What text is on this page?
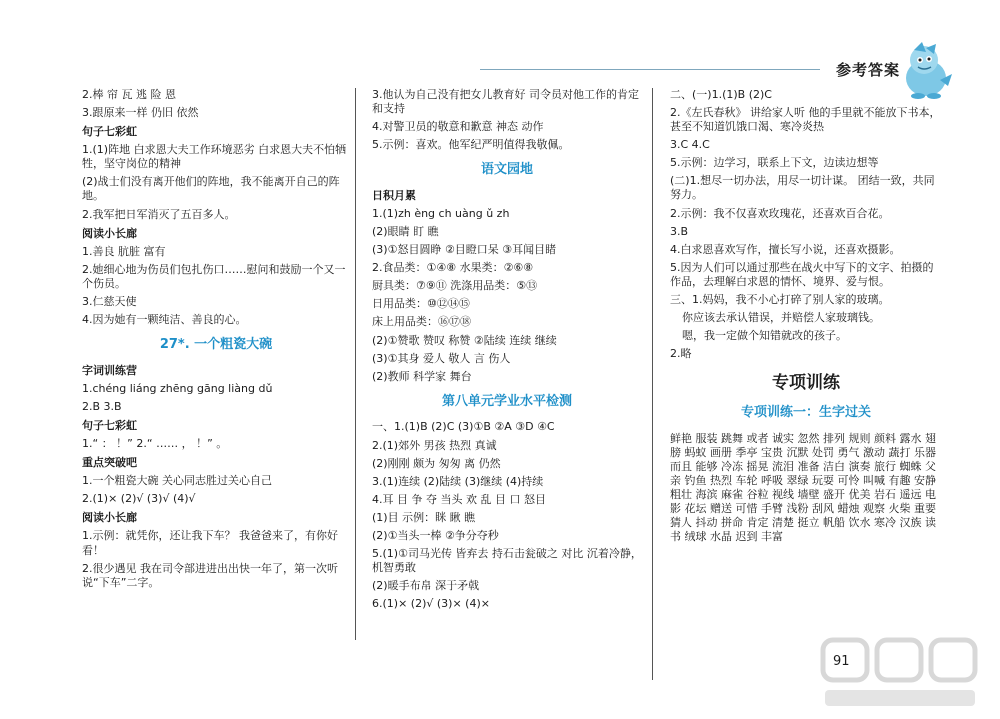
参考答案
2.棒 帘 瓦 逃 险 恩
3.跟原来一样 仍旧 依然
句子七彩虹
1.(1)阵地 白求恩大夫工作环境恶劣 白求恩大夫不怕牺牲，坚守岗位的精神
(2)战士们没有离开他们的阵地，我不能离开自己的阵地。
2.我军把日军消灭了五百多人。
阅读小长廊
1.善良 肮脏 富有
2.她细心地为伤员们包扎伤口……慰问和鼓励一个又一个伤员。
3.仁慈天使
4.因为她有一颗纯洁、善良的心。
27*. 一个粗瓷大碗
字词训练营
1.chéng liáng zhēng gāng liàng dǔ
2.B 3.B
句子七彩虹
1.“ ： ！” 2.“ …… ， ！” 。
重点突破吧
1.一个粗瓷大碗 关心同志胜过关心自己
2.(1)× (2)√ (3)√ (4)√
阅读小长廊
1.示例：就凭你，还让我下车？ 我爸爸来了，有你好看！
2.很少遇见 我在司令部进进出出快一年了，第一次听说“下车”二字。
3.他认为自己没有把女儿教育好 司令员对他工作的肯定和支持
4.对警卫员的敬意和歉意 神态 动作
5.示例：喜欢。他军纪严明值得我敬佩。
语文园地
日积月累
1.(1)zh èng ch uàng ǔ zh
(2)眼睛 盯 瞧
(3)①怒目圆睁 ②目瞪口呆 ③耳闻目睹
2.食品类：①④⑧ 水果类：②⑥⑧
厨具类：⑦⑨⑪ 洗涤用品类：⑤⑬
日用品类：⑩⑫⑭⑮
床上用品类：⑯⑰⑱
(2)①赞歌 赞叹 称赞 ②陆续 连续 继续
(3)①其身 爱人 敬人 言 伤人
(2)教师 科学家 舞台
第八单元学业水平检测
一、1.(1)B (2)C (3)①B ②A ③D ④C
2.(1)郊外 男孩 热烈 真诚
(2)刚刚 颇为 匆匆 离 仍然
3.(1)连续 (2)陆续 (3)继续 (4)持续
4.耳 目 争 夺 当头 欢 乱 目 口 怒目
(1)目 示例：眯 瞅 瞧
(2)①当头一棒 ②争分夺秒
5.(1)①司马光传 皆弃去 持石击瓮破之 对比 沉着冷静，机智勇敢
(2)暖手布帛 深于矛戟
6.(1)× (2)√ (3)× (4)×
二、(一)1.(1)B (2)C
2.《左氏春秋》 讲给家人听 他的手里就不能放下书本，甚至不知道饥饿口渴、寒冷炎热
3.C 4.C
5.示例：边学习，联系上下文，边读边想等
(二)1.想尽一切办法，用尽一切计谋。 团结一致，共同努力。
2.示例：我不仅喜欢玫瑰花，还喜欢百合花。
3.B
4.白求恩喜欢写作，擅长写小说，还喜欢摄影。
5.因为人们可以通过那些在战火中写下的文字、拍摄的作品，去理解白求恩的情怀、境界、爱与恨。
三、1.妈妈，我不小心打碎了别人家的玻璃。
你应该去承认错误，并赔偿人家玻璃钱。
嗯，我一定做个知错就改的孩子。
2.略
专项训练
专项训练一：生字过关
鲜艳 服装 跳舞 或者 诚实 忽然 排列 规则 颜料 露水 翅膀 蚂蚁 画册 季亭 宝贵 沉默 处罚 勇气 激动 蔬打 乐器 而且 能够 冷冻 摇晃 流泪 准备 洁白 演奏 旅行 蜘蛛 父亲 钓鱼 热烈 车轮 呼吸 翠绿 玩耍 可怜 叫喊 有趣 安静 粗壮 海滨 麻雀 谷粒 视线 墙壁 盛开 优美 岩石 遥远 电影 花坛 赠送 可惜 手臂 浅粉 刮风 蜡烛 观察 火柴 重要 猜人 抖动 拼命 肯定 清楚 挺立 帆船 饮水 寒冷 汉族 读书 绒球 水晶 迟到 丰富
91
